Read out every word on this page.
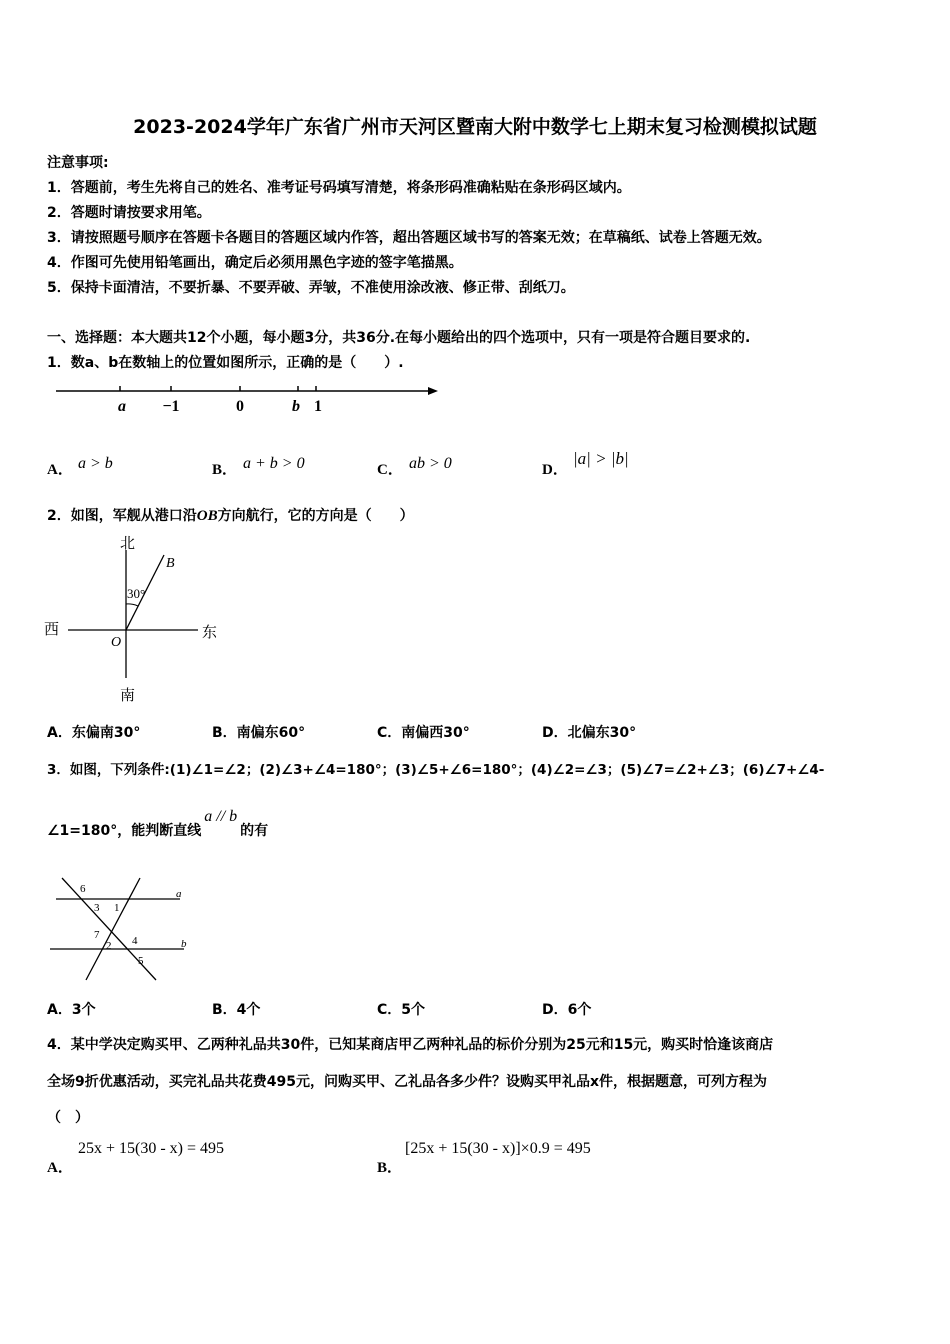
2023-2024学年广东省广州市天河区暨南大附中数学七上期末复习检测模拟试题
注意事项:
1．答题前，考生先将自己的姓名、准考证号码填写清楚，将条形码准确粘贴在条形码区域内。
2．答题时请按要求用笔。
3．请按照题号顺序在答题卡各题目的答题区域内作答，超出答题区域书写的答案无效；在草稿纸、试卷上答题无效。
4．作图可先使用铅笔画出，确定后必须用黑色字迹的签字笔描黑。
5．保持卡面清洁，不要折暴、不要弄破、弄皱，不准使用涂改液、修正带、刮纸刀。
一、选择题：本大题共12个小题，每小题3分，共36分.在每小题给出的四个选项中，只有一项是符合题目要求的.
1．数a、b在数轴上的位置如图所示，正确的是（　　）.
a −1	0	b 1
A． a > b	B． a + b > 0	C． ab > 0	D．
|a| > |b|
2．如图，军舰从港口沿OB方向航行，它的方向是（　　）
北
南
西	东
O
B
30°
A．东偏南30°	B．南偏东60°	C．南偏西30°	D．北偏东30°
3．如图，下列条件:(1)∠1=∠2；(2)∠3+∠4=180°；(3)∠5+∠6=180°；(4)∠2=∠3；(5)∠7=∠2+∠3；(6)∠7+∠4-
∠1=180°，能判断直线a // b的有
6
3 1
7	4
2
5
a
b
A．3个	B．4个	C．5个	D．6个
4．某中学决定购买甲、乙两种礼品共30件，已知某商店甲乙两种礼品的标价分别为25元和15元，购买时恰逢该商店
全场9折优惠活动，买完礼品共花费495元，问购买甲、乙礼品各多少件？设购买甲礼品x件，根据题意，可列方程为
（　）
A．
25x + 15(30 - x) = 495
B．
[25x + 15(30 - x)]×0.9 = 495
